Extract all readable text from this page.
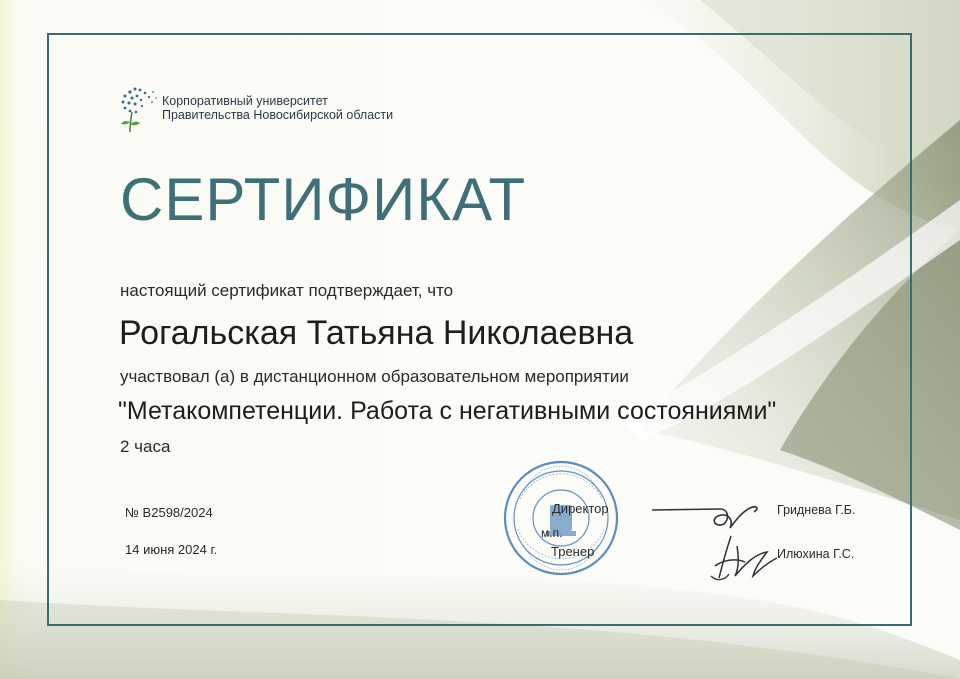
Корпоративный университет
Правительства Новосибирской области
СЕРТИФИКАТ
настоящий сертификат подтверждает, что
Рогальская Татьяна Николаевна
участвовал (а) в дистанционном образовательном мероприятии
"Метакомпетенции. Работа с негативными состояниями"
2 часа
№ B2598/2024
14 июня 2024 г.
Директор
м.п.
Тренер
Гриднева Г.Б.
Илюхина Г.С.
